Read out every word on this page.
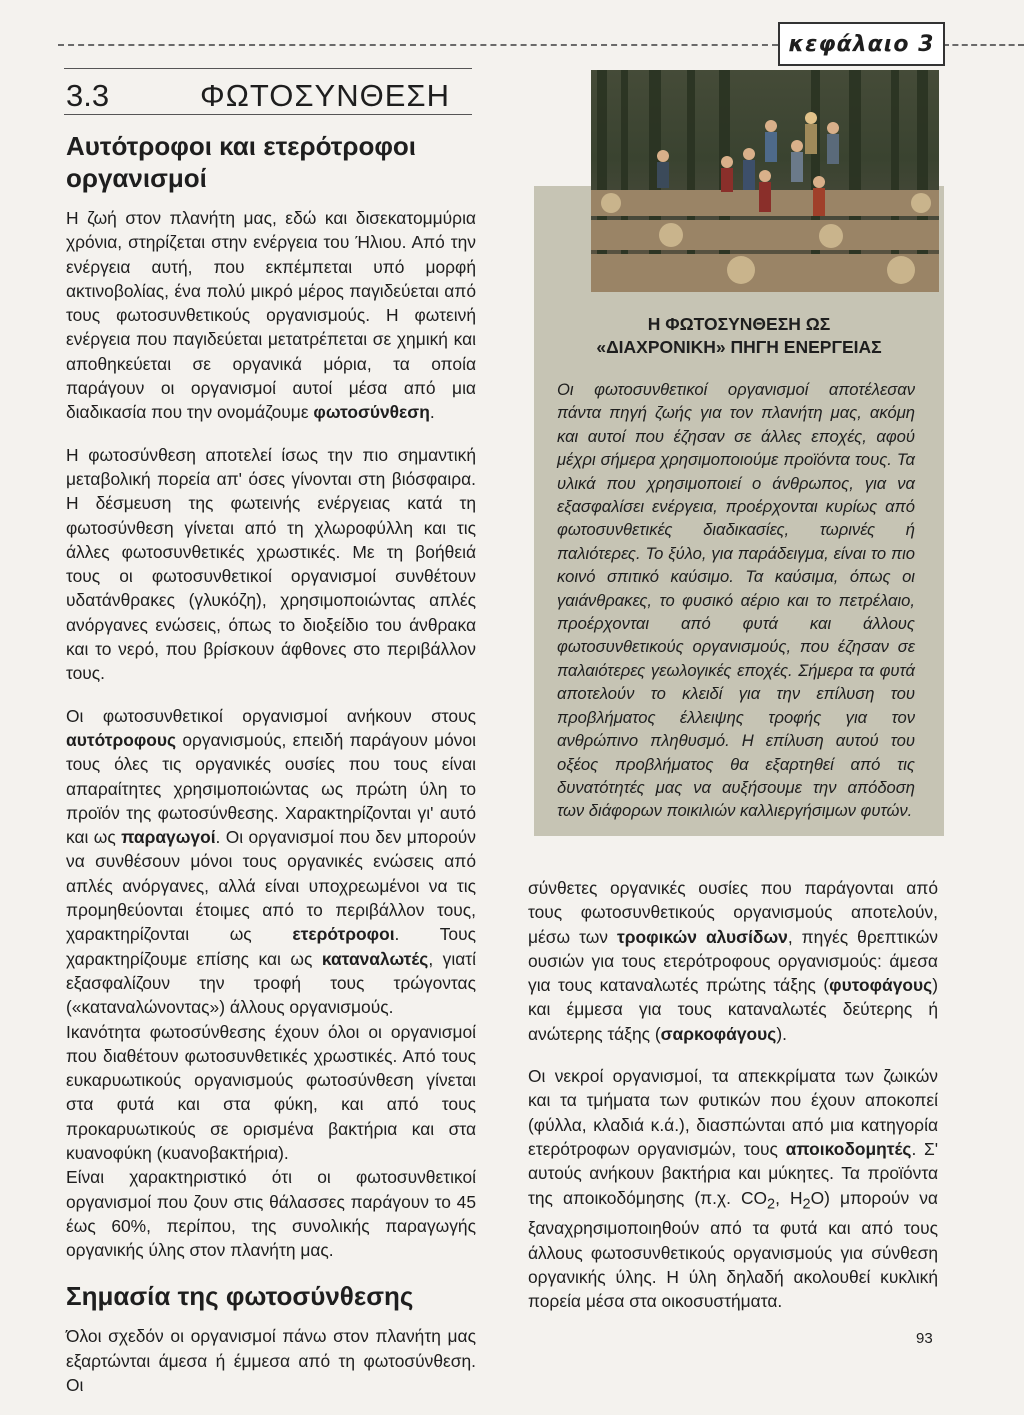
κεφάλαιο 3
3.3	ΦΩΤΟΣΥΝΘΕΣΗ
Αυτότροφοι και ετερότροφοι οργανισμοί

Η ζωή στον πλανήτη μας, εδώ και δισεκατομμύρια χρόνια, στηρίζεται στην ενέργεια του Ήλιου. Από την ενέργεια αυτή, που εκπέμπεται υπό μορφή ακτινοβολίας, ένα πολύ μικρό μέρος παγιδεύεται από τους φωτοσυνθετικούς οργανισμούς. Η φωτεινή ενέργεια που παγιδεύεται μετατρέπεται σε χημική και αποθηκεύεται σε οργανικά μόρια, τα οποία παράγουν οι οργανισμοί αυτοί μέσα από μια διαδικασία που την ονομάζουμε φωτοσύνθεση.

Η φωτοσύνθεση αποτελεί ίσως την πιο σημαντική μεταβολική πορεία απ' όσες γίνονται στη βιόσφαιρα. Η δέσμευση της φωτεινής ενέργειας κατά τη φωτοσύνθεση γίνεται από τη χλωροφύλλη και τις άλλες φωτοσυνθετικές χρωστικές. Με τη βοήθειά τους οι φωτοσυνθετικοί οργανισμοί συνθέτουν υδατάνθρακες (γλυκόζη), χρησιμοποιώντας απλές ανόργανες ενώσεις, όπως το διοξείδιο του άνθρακα και το νερό, που βρίσκουν άφθονες στο περιβάλλον τους.

Οι φωτοσυνθετικοί οργανισμοί ανήκουν στους αυτότροφους οργανισμούς, επειδή παράγουν μόνοι τους όλες τις οργανικές ουσίες που τους είναι απαραίτητες χρησιμοποιώντας ως πρώτη ύλη το προϊόν της φωτοσύνθεσης. Χαρακτηρίζονται γι' αυτό και ως παραγωγοί. Οι οργανισμοί που δεν μπορούν να συνθέσουν μόνοι τους οργανικές ενώσεις από απλές ανόργανες, αλλά είναι υποχρεωμένοι να τις προμηθεύονται έτοιμες από το περιβάλλον τους, χαρακτηρίζονται ως ετερότροφοι. Τους χαρακτηρίζουμε επίσης και ως καταναλωτές, γιατί εξασφαλίζουν την τροφή τους τρώγοντας («καταναλώνοντας») άλλους οργανισμούς.

Ικανότητα φωτοσύνθεσης έχουν όλοι οι οργανισμοί που διαθέτουν φωτοσυνθετικές χρωστικές. Από τους ευκαρυωτικούς οργανισμούς φωτοσύνθεση γίνεται στα φυτά και στα φύκη, και από τους προκαρυωτικούς σε ορισμένα βακτήρια και στα κυανοφύκη (κυανοβακτήρια).

Είναι χαρακτηριστικό ότι οι φωτοσυνθετικοί οργανισμοί που ζουν στις θάλασσες παράγουν το 45 έως 60%, περίπου, της συνολικής παραγωγής οργανικής ύλης στον πλανήτη μας.

Σημασία της φωτοσύνθεσης

Όλοι σχεδόν οι οργανισμοί πάνω στον πλανήτη μας εξαρτώνται άμεσα ή έμμεσα από τη φωτοσύνθεση. Οι

Η ΦΩΤΟΣΥΝΘΕΣΗ ΩΣ
«ΔΙΑΧΡΟΝΙΚΗ» ΠΗΓΗ ΕΝΕΡΓΕΙΑΣ
Οι φωτοσυνθετικοί οργανισμοί αποτέλεσαν πάντα πηγή ζωής για τον πλανήτη μας, ακόμη και αυτοί που έζησαν σε άλλες εποχές, αφού μέχρι σήμερα χρησιμοποιούμε προϊόντα τους. Τα υλικά που χρησιμοποιεί ο άνθρωπος, για να εξασφαλίσει ενέργεια, προέρχονται κυρίως από φωτοσυνθετικές διαδικασίες, τωρινές ή παλιότερες. Το ξύλο, για παράδειγμα, είναι το πιο κοινό σπιτικό καύσιμο. Τα καύσιμα, όπως οι γαιάνθρακες, το φυσικό αέριο και το πετρέλαιο, προέρχονται από φυτά και άλλους φωτοσυνθετικούς οργανισμούς, που έζησαν σε παλαιότερες γεωλογικές εποχές. Σήμερα τα φυτά αποτελούν το κλειδί για την επίλυση του προβλήματος έλλειψης τροφής για τον ανθρώπινο πληθυσμό. Η επίλυση αυτού του οξέος προβλήματος θα εξαρτηθεί από τις δυνατότητές μας να αυξήσουμε την απόδοση των διάφορων ποικιλιών καλλιεργήσιμων φυτών.

σύνθετες οργανικές ουσίες που παράγονται από τους φωτοσυνθετικούς οργανισμούς αποτελούν, μέσω των τροφικών αλυσίδων, πηγές θρεπτικών ουσιών για τους ετερότροφους οργανισμούς: άμεσα για τους καταναλωτές πρώτης τάξης (φυτοφάγους) και έμμεσα για τους καταναλωτές δεύτερης ή ανώτερης τάξης (σαρκοφάγους).

Οι νεκροί οργανισμοί, τα απεκκρίματα των ζωικών και τα τμήματα των φυτικών που έχουν αποκοπεί (φύλλα, κλαδιά κ.ά.), διασπώνται από μια κατηγορία ετερότροφων οργανισμών, τους αποικοδομητές. Σ' αυτούς ανήκουν βακτήρια και μύκητες. Τα προϊόντα της αποικοδόμησης (π.χ. $CO_2$, $H_2O$) μπορούν να ξαναχρησιμοποιηθούν από τα φυτά και από τους άλλους φωτοσυνθετικούς οργανισμούς για σύνθεση οργανικής ύλης. Η ύλη δηλαδή ακολουθεί κυκλική πορεία μέσα στα οικοσυστήματα.

93
